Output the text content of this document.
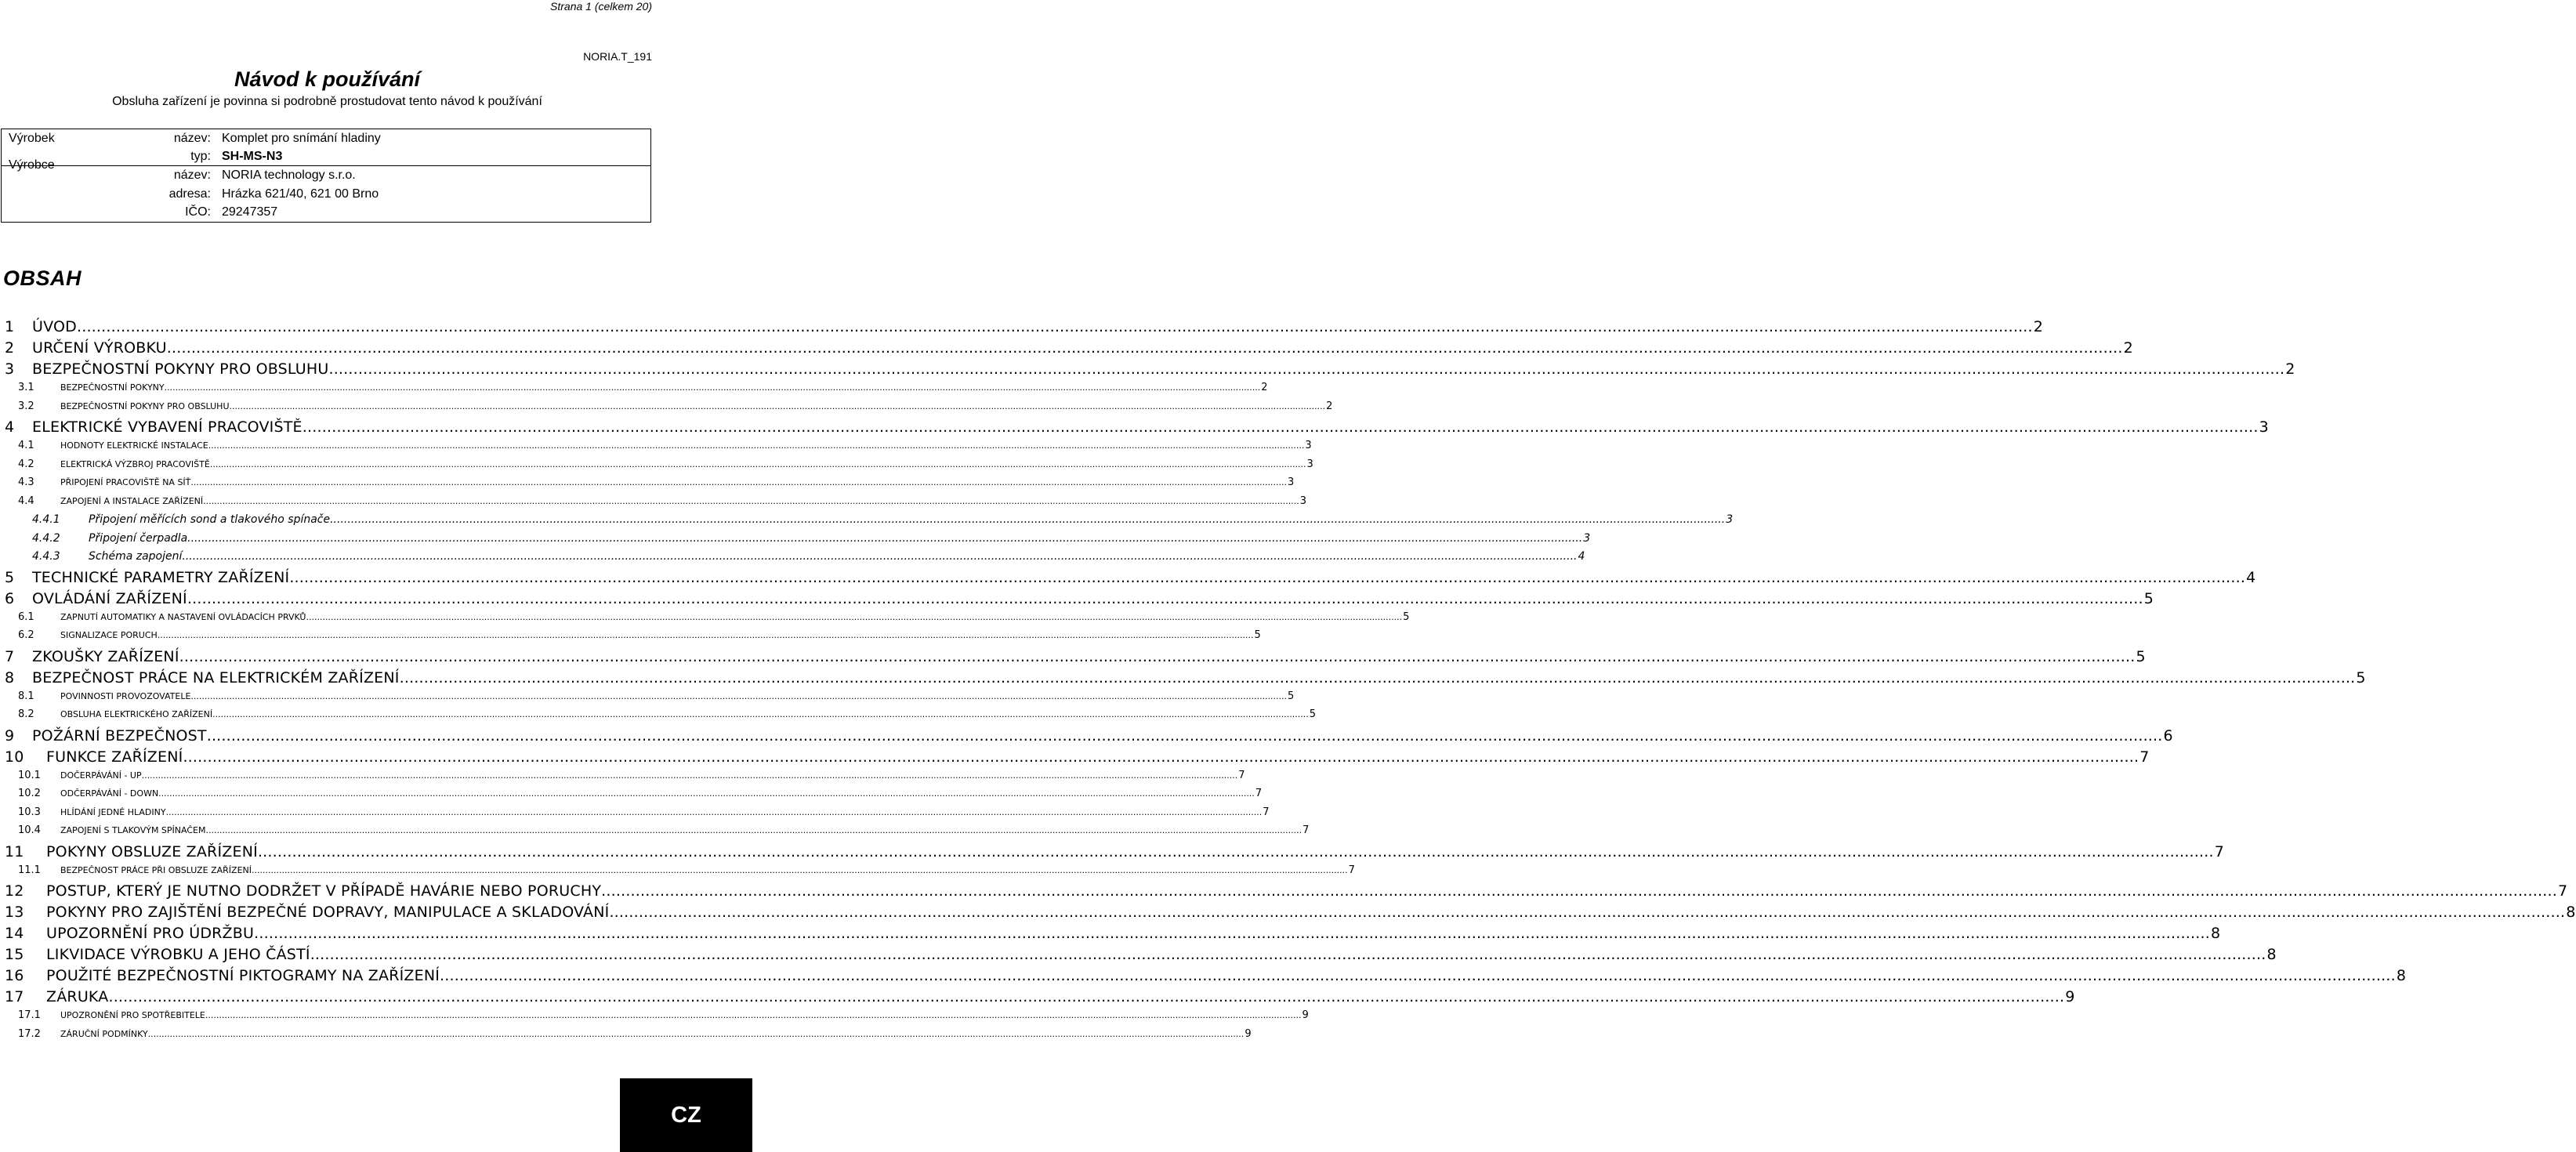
Strana 1 (celkem 20)
NORIA.T_191
Návod k používání
Obsluha zařízení je povinna si podrobně prostudovat tento návod k používání
Výrobek	název: Komplet pro snímání hladiny
typ: SH-MS-N3
Výrobce
název: NORIA technology s.r.o.
adresa: Hrázka 621/40, 621 00 Brno
IČO: 29247357
OBSAH
1 ÚVOD ................................................................................................................................................................................................................................................................................................................................................................................................................ 2
2 URČENÍ VÝROBKU ................................................................................................................................................................................................................................................................................................................................................................................................................ 2
3 BEZPEČNOSTNÍ POKYNY PRO OBSLUHU ................................................................................................................................................................................................................................................................................................................................................................................................................ 2
3.1	BEZPEČNOSTNÍ POKYNY ................................................................................................................................................................................................................................................................................................................................................................................................................ 2
3.2	BEZPEČNOSTNÍ POKYNY PRO OBSLUHU ................................................................................................................................................................................................................................................................................................................................................................................................................ 2
4 ELEKTRICKÉ VYBAVENÍ PRACOVIŠTĚ ................................................................................................................................................................................................................................................................................................................................................................................................................ 3
4.1	HODNOTY ELEKTRICKÉ INSTALACE ................................................................................................................................................................................................................................................................................................................................................................................................................ 3
4.2	ELEKTRICKÁ VÝZBROJ PRACOVIŠTĚ ................................................................................................................................................................................................................................................................................................................................................................................................................ 3
4.3	PŘIPOJENÍ PRACOVIŠTĚ NA SÍŤ ................................................................................................................................................................................................................................................................................................................................................................................................................ 3
4.4	ZAPOJENÍ A INSTALACE ZAŘÍZENÍ ................................................................................................................................................................................................................................................................................................................................................................................................................ 3
4.4.1	Připojení měřících sond a tlakového spínače ................................................................................................................................................................................................................................................................................................................................................................................................................ 3
4.4.2	Připojení čerpadla ................................................................................................................................................................................................................................................................................................................................................................................................................ 3
4.4.3	Schéma zapojení ................................................................................................................................................................................................................................................................................................................................................................................................................ 4
5 TECHNICKÉ PARAMETRY ZAŘÍZENÍ ................................................................................................................................................................................................................................................................................................................................................................................................................ 4
6 OVLÁDÁNÍ ZAŘÍZENÍ ................................................................................................................................................................................................................................................................................................................................................................................................................ 5
6.1	ZAPNUTÍ AUTOMATIKY A NASTAVENÍ OVLÁDACÍCH PRVKŮ ................................................................................................................................................................................................................................................................................................................................................................................................................ 5
6.2	SIGNALIZACE PORUCH ................................................................................................................................................................................................................................................................................................................................................................................................................ 5
7 ZKOUŠKY ZAŘÍZENÍ ................................................................................................................................................................................................................................................................................................................................................................................................................ 5
8 BEZPEČNOST PRÁCE NA ELEKTRICKÉM ZAŘÍZENÍ ................................................................................................................................................................................................................................................................................................................................................................................................................ 5
8.1	POVINNOSTI PROVOZOVATELE ................................................................................................................................................................................................................................................................................................................................................................................................................ 5
8.2	OBSLUHA ELEKTRICKÉHO ZAŘÍZENÍ ................................................................................................................................................................................................................................................................................................................................................................................................................ 5
9 POŽÁRNÍ BEZPEČNOST ................................................................................................................................................................................................................................................................................................................................................................................................................ 6
10 FUNKCE ZAŘÍZENÍ ................................................................................................................................................................................................................................................................................................................................................................................................................ 7
10.1 DOČERPÁVÁNÍ - UP ................................................................................................................................................................................................................................................................................................................................................................................................................ 7
10.2 ODČERPÁVÁNÍ - DOWN ................................................................................................................................................................................................................................................................................................................................................................................................................ 7
10.3 HLÍDÁNÍ JEDNÉ HLADINY ................................................................................................................................................................................................................................................................................................................................................................................................................ 7
10.4 ZAPOJENÍ S TLAKOVÝM SPÍNAČEM ................................................................................................................................................................................................................................................................................................................................................................................................................ 7
11 POKYNY OBSLUZE ZAŘÍZENÍ ................................................................................................................................................................................................................................................................................................................................................................................................................ 7
11.1 BEZPEČNOST PRÁCE PŘI OBSLUZE ZAŘÍZENÍ ................................................................................................................................................................................................................................................................................................................................................................................................................ 7
12 POSTUP, KTERÝ JE NUTNO DODRŽET V PŘÍPADĚ HAVÁRIE NEBO PORUCHY ................................................................................................................................................................................................................................................................................................................................................................................................................ 7
13 POKYNY PRO ZAJIŠTĚNÍ BEZPEČNÉ DOPRAVY, MANIPULACE A SKLADOVÁNÍ ................................................................................................................................................................................................................................................................................................................................................................................................................ 8
14 UPOZORNĚNÍ PRO ÚDRŽBU ................................................................................................................................................................................................................................................................................................................................................................................................................ 8
15 LIKVIDACE VÝROBKU A JEHO ČÁSTÍ ................................................................................................................................................................................................................................................................................................................................................................................................................ 8
16 POUŽITÉ BEZPEČNOSTNÍ PIKTOGRAMY NA ZAŘÍZENÍ ................................................................................................................................................................................................................................................................................................................................................................................................................ 8
17 ZÁRUKA ................................................................................................................................................................................................................................................................................................................................................................................................................ 9
17.1 UPOZRONĚNÍ PRO SPOTŘEBITELE ................................................................................................................................................................................................................................................................................................................................................................................................................ 9
17.2 ZÁRUČNÍ PODMÍNKY ................................................................................................................................................................................................................................................................................................................................................................................................................ 9
CZ
